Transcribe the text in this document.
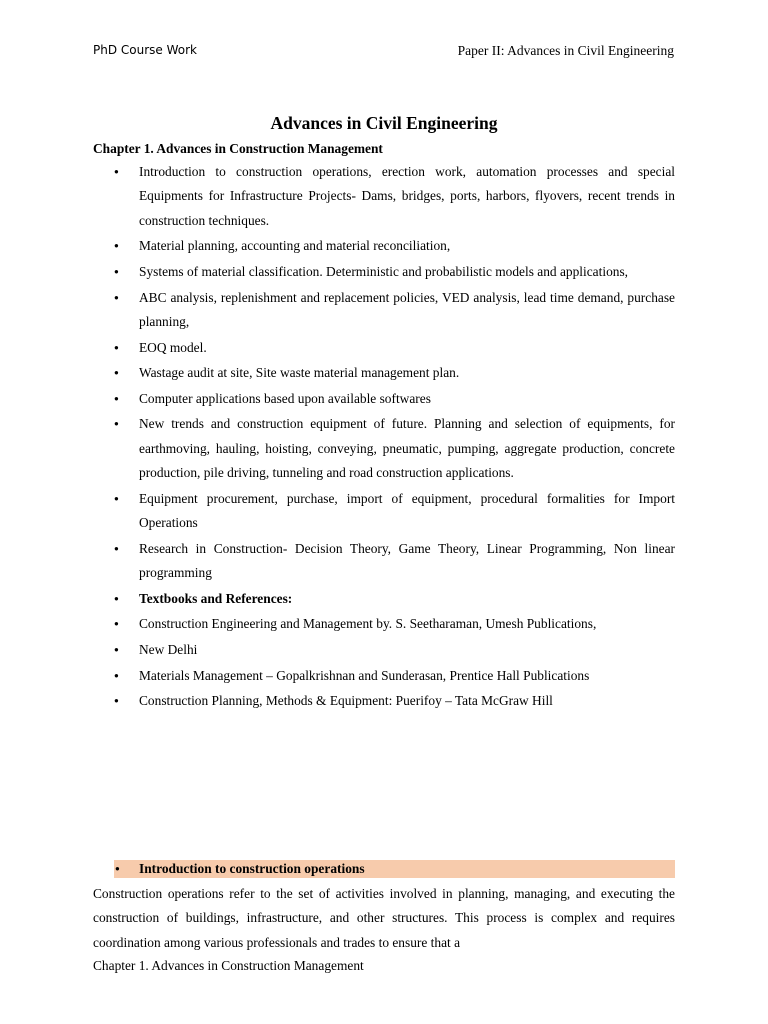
PhD Course Work	Paper II: Advances in Civil Engineering
Advances in Civil Engineering
Chapter 1. Advances in Construction Management
● Introduction to construction operations, erection work, automation processes and special Equipments for Infrastructure Projects- Dams, bridges, ports, harbors, flyovers, recent trends in construction techniques.
● Material planning, accounting and material reconciliation,
● Systems of material classification. Deterministic and probabilistic models and applications,
● ABC analysis, replenishment and replacement policies, VED analysis, lead time demand, purchase planning,
● EOQ model.
● Wastage audit at site, Site waste material management plan.
● Computer applications based upon available softwares
● New trends and construction equipment of future. Planning and selection of equipments, for earthmoving, hauling, hoisting, conveying, pneumatic, pumping, aggregate production, concrete production, pile driving, tunneling and road construction applications.
● Equipment procurement, purchase, import of equipment, procedural formalities for Import Operations
● Research in Construction- Decision Theory, Game Theory, Linear Programming, Non linear programming
● Textbooks and References:
● Construction Engineering and Management by. S. Seetharaman, Umesh Publications,
● New Delhi
● Materials Management – Gopalkrishnan and Sunderasan, Prentice Hall Publications
● Construction Planning, Methods & Equipment: Puerifoy – Tata McGraw Hill
● Introduction to construction operations

Construction operations refer to the set of activities involved in planning, managing, and executing the construction of buildings, infrastructure, and other structures. This process is complex and requires coordination among various professionals and trades to ensure that a

Chapter 1. Advances in Construction Management
